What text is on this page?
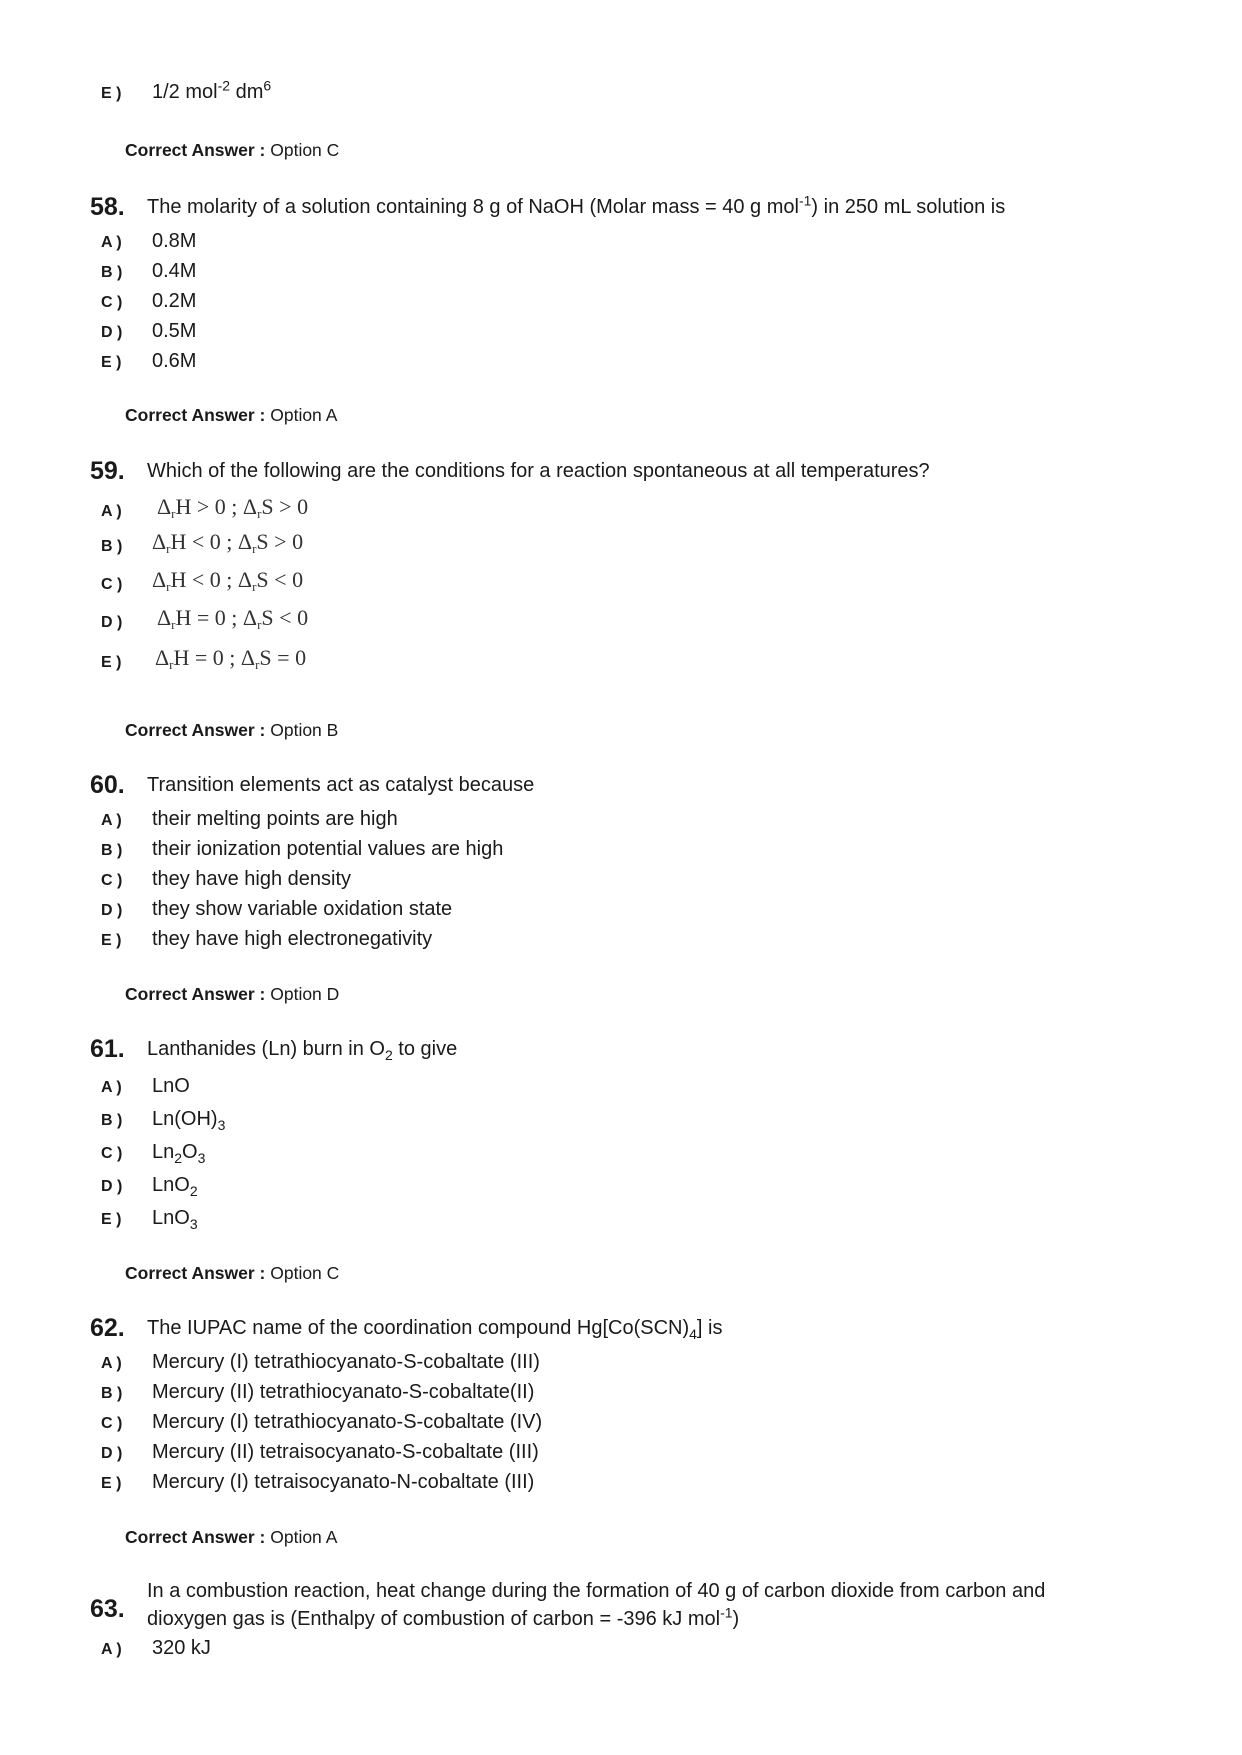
E )	1/2 mol$^{-2}$ $dm^6$
Correct Answer : Option C
58. The molarity of a solution containing 8 g of NaOH (Molar mass = 40 g mol$^{-1}$) in 250 mL solution is
A )	0.8M
B )	0.4M
C )	0.2M
D )	0.5M
E )	0.6M
Correct Answer : Option A
59. Which of the following are the conditions for a reaction spontaneous at all temperatures?
A )	ΔrH > 0 ; ΔrS > 0
B )	ΔrH < 0 ; ΔrS > 0
C )	ΔrH < 0 ; ΔrS < 0
D )	ΔrH = 0 ; ΔrS < 0
E )	ΔrH = 0 ; ΔrS = 0
Correct Answer : Option B
60. Transition elements act as catalyst because
A )	their melting points are high
B )	their ionization potential values are high
C )	they have high density
D )	they show variable oxidation state
E )	they have high electronegativity
Correct Answer : Option D
61. Lanthanides (Ln) burn in $O_2$ to give
A )	LnO
B )	$Ln(OH)_3$
C )	$Ln_2O_3$
D )	LnO$_2$
E )	LnO$_3$
Correct Answer : Option C
62. The IUPAC name of the coordination compound $Hg[Co(SCN)_4]$ is
A )	Mercury (I) tetrathiocyanato-S-cobaltate (III)
B )	Mercury (II) tetrathiocyanato-S-cobaltate(II)
C )	Mercury (I) tetrathiocyanato-S-cobaltate (IV)
D )	Mercury (II) tetraisocyanato-S-cobaltate (III)
E )	Mercury (I) tetraisocyanato-N-cobaltate (III)
Correct Answer : Option A
63.
In a combustion reaction, heat change during the formation of 40 g of carbon dioxide from carbon and
dioxygen gas is (Enthalpy of combustion of carbon = -396 kJ mol$^{-1}$)
A )	320 kJ
